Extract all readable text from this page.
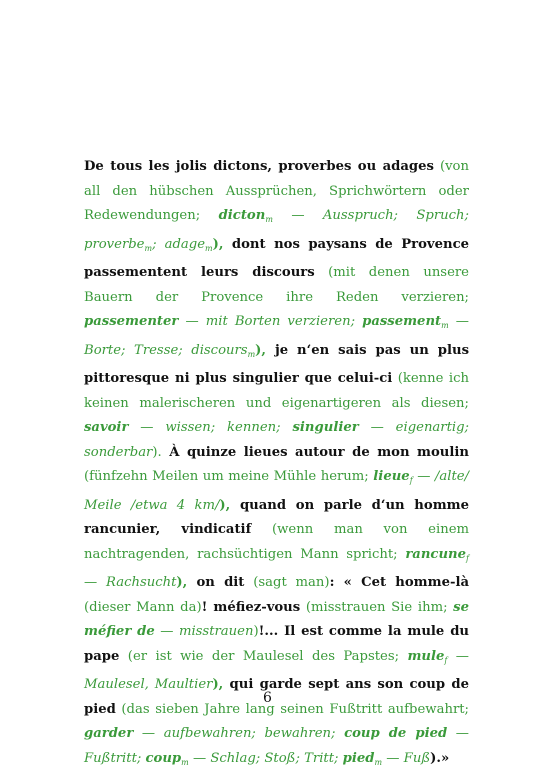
De tous les jolis dictons, proverbes ou adages (von all den hübschen Aussprüchen, Sprichwörtern oder Redewendungen; dicton$_m$ — Ausspruch; Spruch; proverbe$_m$; adage$_m$), dont nos paysans de Provence passementent leurs discours (mit denen unsere Bauern der Provence ihre Reden verzieren; passementer — mit Borten verzieren; passement$_m$ — Borte; Tresse; discours$_m$), je n‘en sais pas un plus pittoresque ni plus singulier que celui-ci (kenne ich keinen malerischeren und eigenartigeren als diesen; savoir — wissen; kennen; singulier — eigenartig; sonderbar). À quinze lieues autour de mon moulin (fünfzehn Meilen um meine Mühle herum; lieue$_f$ — /alte/ Meile /etwa 4 km/), quand on parle d‘un homme rancunier, vindicatif (wenn man von einem nachtragenden, rachsüchtigen Mann spricht; rancune$_f$ — Rachsucht), on dit (sagt man): « Cet homme-là (dieser Mann da)! méfiez-vous (misstrauen Sie ihm; se méfier de — misstrauen)!... Il est comme la mule du pape (er ist wie der Maulesel des Papstes; mule$_f$ — Maulesel, Maultier), qui garde sept ans son coup de pied (das sieben Jahre lang seinen Fußtritt aufbewahrt; garder — aufbewahren; bewahren; coup de pied — Fußtritt; coup$_m$ — Schlag; Stoß; Tritt; pied$_m$ — Fuß).»

6
